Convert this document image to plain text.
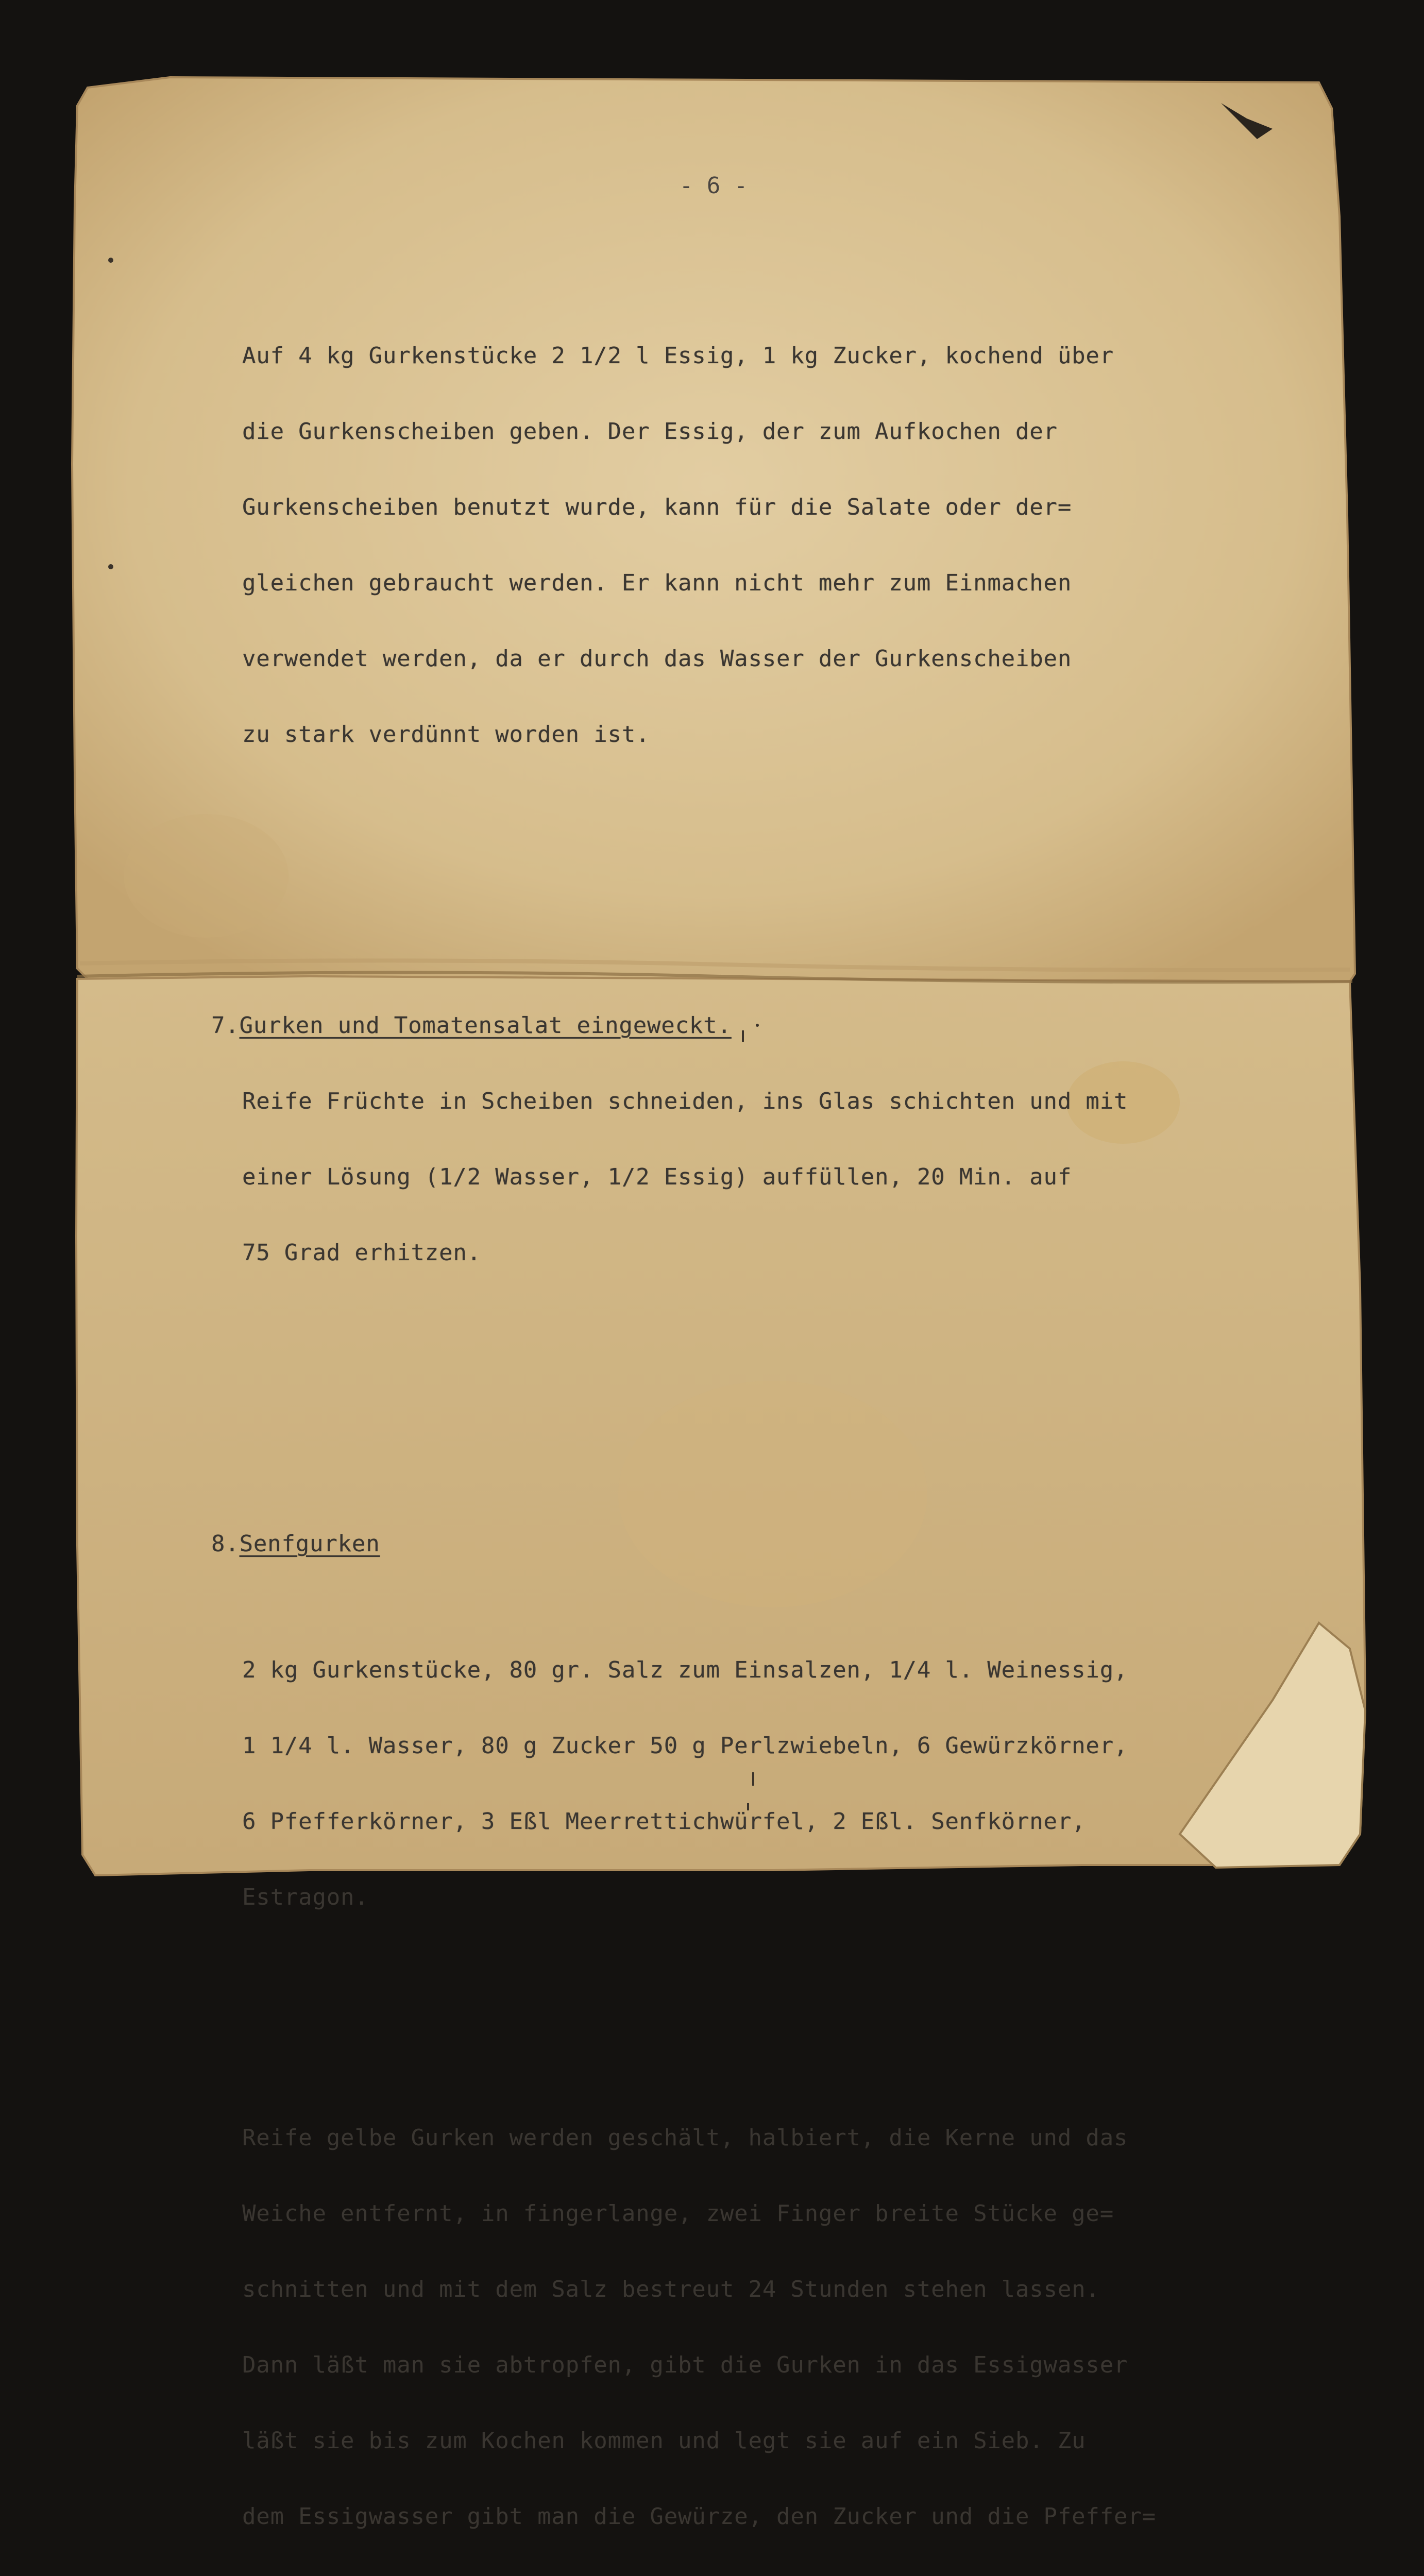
- 6 -

Auf 4 kg Gurkenstücke 2 1/2 l Essig, 1 kg Zucker, kochend über

die Gurkenscheiben geben. Der Essig, der zum Aufkochen der

Gurkenscheiben benutzt wurde, kann für die Salate oder der=

gleichen gebraucht werden. Er kann nicht mehr zum Einmachen

verwendet werden, da er durch das Wasser der Gurkenscheiben

zu stark verdünnt worden ist.

7.Gurken und Tomatensalat eingeweckt.

Reife Früchte in Scheiben schneiden, ins Glas schichten und mit

einer Lösung (1/2 Wasser, 1/2 Essig) auffüllen, 20 Min. auf

75 Grad erhitzen.

8.Senfgurken

2 kg Gurkenstücke, 80 gr. Salz zum Einsalzen, 1/4 l. Weinessig,

1 1/4 l. Wasser, 80 g Zucker 50 g Perlzwiebeln, 6 Gewürzkörner,

6 Pfefferkörner, 3 Eßl Meerrettichwürfel, 2 Eßl. Senfkörner,

Estragon.

Reife gelbe Gurken werden geschält, halbiert, die Kerne und das

Weiche entfernt, in fingerlange, zwei Finger breite Stücke ge=

schnitten und mit dem Salz bestreut 24 Stunden stehen lassen.

Dann läßt man sie abtropfen, gibt die Gurken in das Essigwasser

läßt sie bis zum Kochen kommen und legt sie auf ein Sieb. Zu

dem Essigwasser gibt man die Gewürze, den Zucker und die Pfeffer=
